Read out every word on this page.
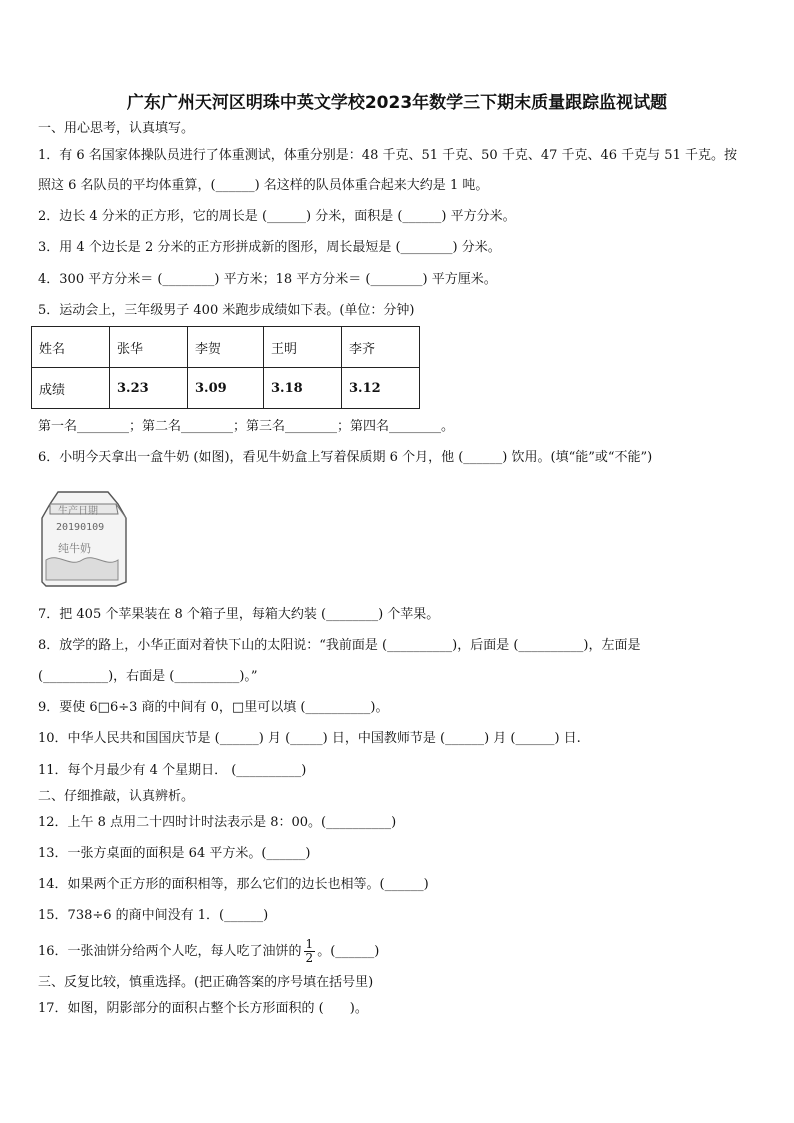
广东广州天河区明珠中英文学校2023年数学三下期末质量跟踪监视试题
一、用心思考，认真填写。
1．有 6 名国家体操队员进行了体重测试，体重分别是：48 千克、51 千克、50 千克、47 千克、46 千克与 51 千克。按
照这 6 名队员的平均体重算，(______) 名这样的队员体重合起来大约是 1 吨。
2．边长 4 分米的正方形，它的周长是 (______) 分米，面积是 (______) 平方分米。
3．用 4 个边长是 2 分米的正方形拼成新的图形，周长最短是 (________) 分米。
4．300 平方分米＝ (________) 平方米；18 平方分米＝ (________) 平方厘米。
5．运动会上，三年级男子 400 米跑步成绩如下表。(单位：分钟)
姓名	张华	李贺	王明	李齐
成绩	3.23	3.09	3.18	3.12
第一名________；第二名________；第三名________；第四名________。
6．小明今天拿出一盒牛奶 (如图)，看见牛奶盒上写着保质期 6 个月，他 (______) 饮用。(填“能”或“不能”)
生产日期
20190109
纯牛奶
7．把 405 个苹果装在 8 个箱子里，每箱大约装 (________) 个苹果。
8．放学的路上，小华正面对着快下山的太阳说：“我前面是 (__________)，后面是 (__________)，左面是
(__________)，右面是 (__________)。”
9．要使 6□6÷3 商的中间有 0，□里可以填 (__________)。
10．中华人民共和国国庆节是 (______) 月 (_____) 日，中国教师节是 (______) 月 (______) 日.
11．每个月最少有 4 个星期日． (__________)
二、仔细推敲，认真辨析。
12．上午 8 点用二十四时计时法表示是 8：00。(__________)
13．一张方桌面的面积是 64 平方米。(______)
14．如果两个正方形的面积相等，那么它们的边长也相等。(______)
15．738÷6 的商中间没有 1．(______)
16．一张油饼分给两个人吃，每人吃了油饼的 $\frac{1}{2}$ 。(______)
三、反复比较，慎重选择。(把正确答案的序号填在括号里)
17．如图，阴影部分的面积占整个长方形面积的 (　　)。
